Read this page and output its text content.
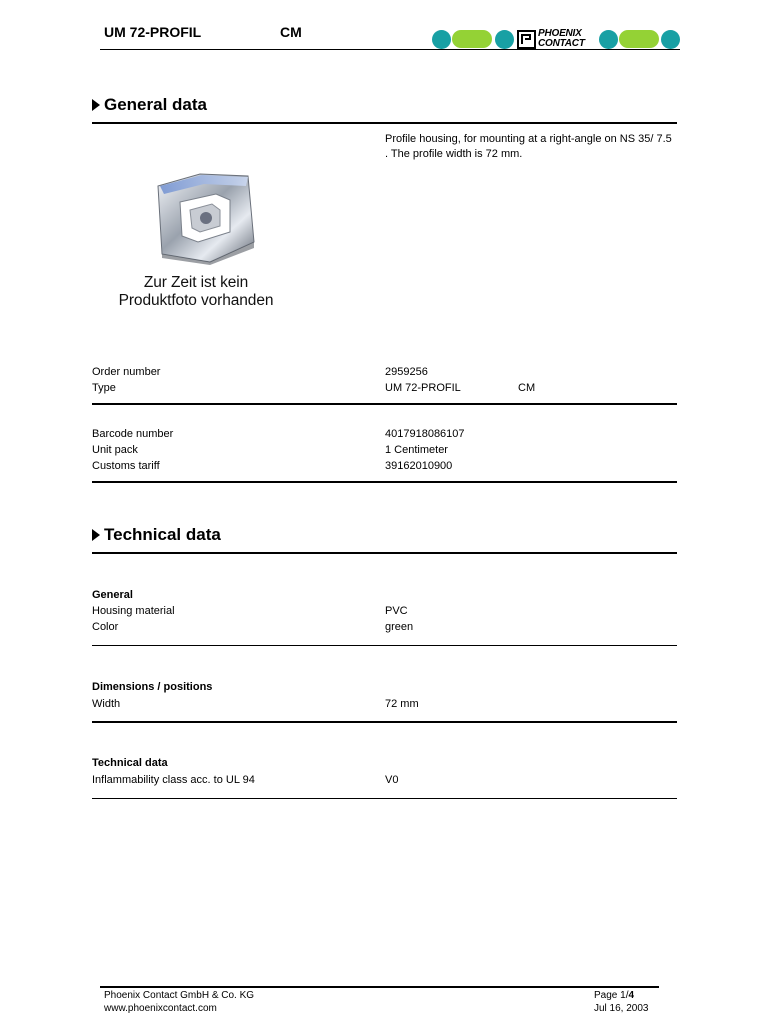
UM 72-PROFIL	CM	PHOENIX
CONTACT
General data
Profile housing, for mounting at a right-angle on NS 35/ 7.5 . The profile width is 72 mm.
Zur Zeit ist kein
Produktfoto vorhanden
Order number	2959256
Type	UM 72-PROFIL	CM
Barcode number	4017918086107
Unit pack	1 Centimeter
Customs tariff	39162010900
Technical data
General
Housing material	PVC
Color	green
Dimensions / positions
Width	72 mm
Technical data
Inflammability class acc. to UL 94	V0
Phoenix Contact GmbH & Co. KG
www.phoenixcontact.com
Page 1/4
Jul 16, 2003
